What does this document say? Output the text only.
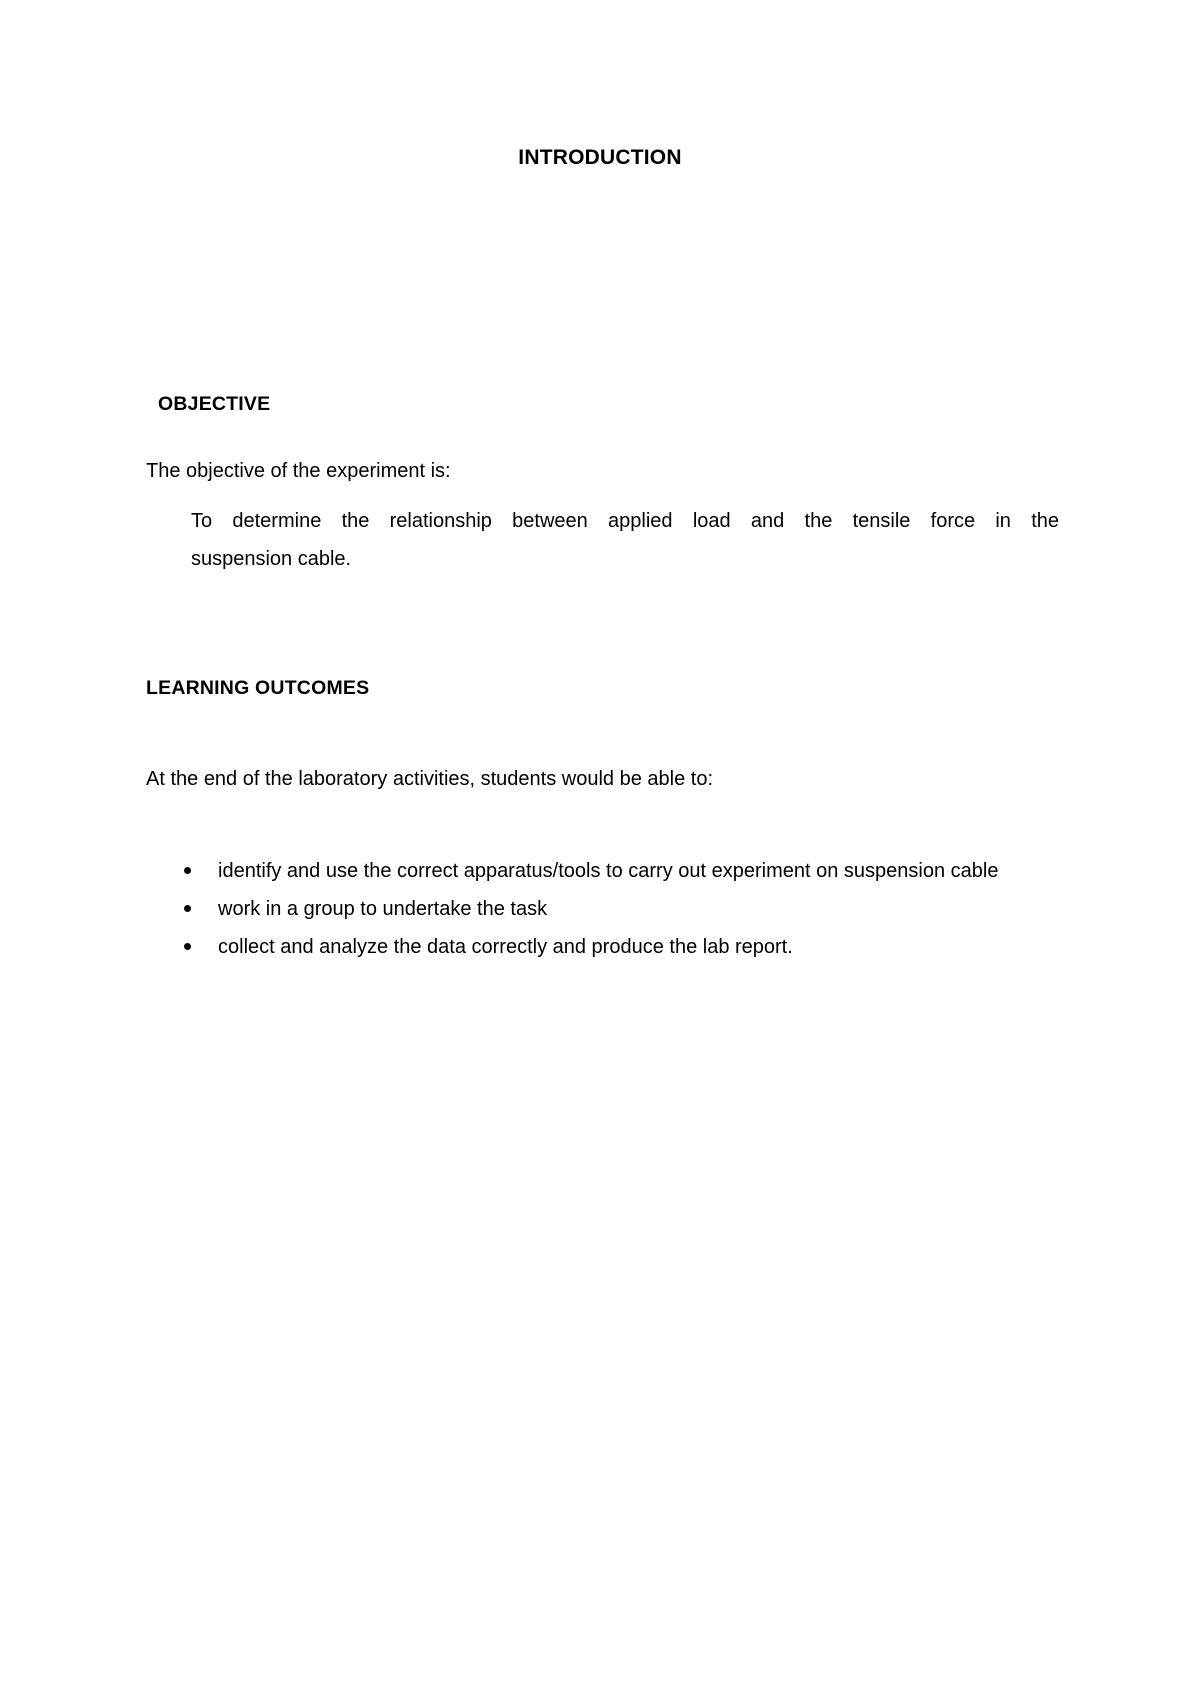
INTRODUCTION
OBJECTIVE
The objective of the experiment is:
To determine the relationship between applied load and the tensile force in the
suspension cable.
LEARNING OUTCOMES
At the end of the laboratory activities, students would be able to:
identify and use the correct apparatus/tools to carry out experiment on suspension cable
work in a group to undertake the task
collect and analyze the data correctly and produce the lab report.
